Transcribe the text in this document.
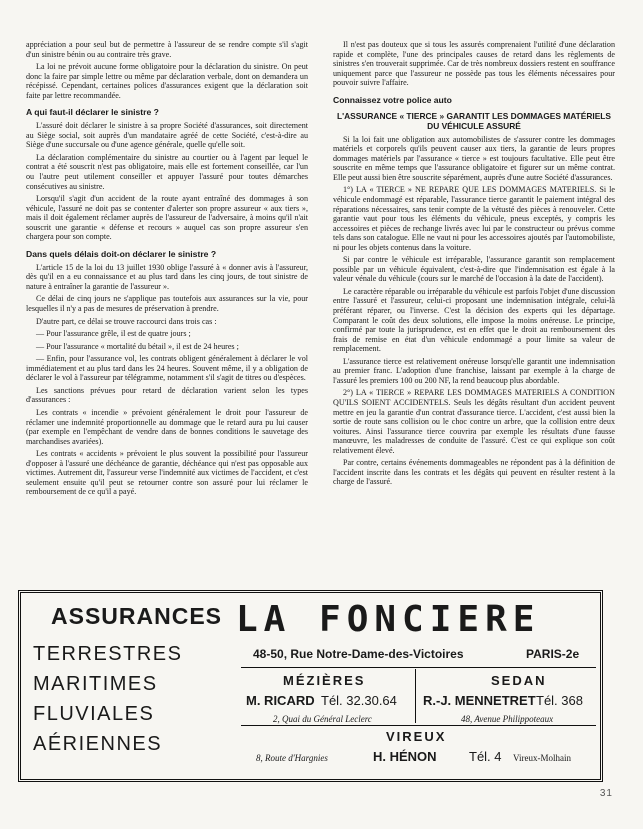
appréciation a pour seul but de permettre à l'assureur de se rendre compte s'il s'agit d'un sinistre bénin ou au contraire très grave.

La loi ne prévoit aucune forme obligatoire pour la déclaration du sinistre. On peut donc la faire par simple lettre ou même par déclaration verbale, dont on demandera un récépissé. Cependant, certaines polices d'assurances exigent que la déclaration soit faite par lettre recommandée.

A qui faut-il déclarer le sinistre ?

L'assuré doit déclarer le sinistre à sa propre Société d'assurances, soit directement au Siège social, soit auprès d'un mandataire agréé de cette Société, c'est-à-dire au Siège d'une succursale ou d'une agence générale, quelle qu'elle soit.

La déclaration complémentaire du sinistre au courtier ou à l'agent par lequel le contrat a été souscrit n'est pas obligatoire, mais elle est fortement conseillée, car l'un ou l'autre peut utilement conseiller et appuyer l'assuré pour toutes démarches consécutives au sinistre.

Lorsqu'il s'agit d'un accident de la route ayant entraîné des dommages à son véhicule, l'assuré ne doit pas se contenter d'alerter son propre assureur « aux tiers », mais il doit également réclamer auprès de l'assureur de l'adversaire, à moins qu'il n'ait souscrit une garantie « défense et recours » auquel cas son propre assureur s'en chargera pour son compte.

Dans quels délais doit-on déclarer le sinistre ?

L'article 15 de la loi du 13 juillet 1930 oblige l'assuré à « donner avis à l'assureur, dès qu'il en a eu connaissance et au plus tard dans les cinq jours, de tout sinistre de nature à entraîner la garantie de l'assureur ».

Ce délai de cinq jours ne s'applique pas toutefois aux assurances sur la vie, pour lesquelles il n'y a pas de mesures de préservation à prendre.

D'autre part, ce délai se trouve raccourci dans trois cas :

— Pour l'assurance grêle, il est de quatre jours ;

— Pour l'assurance « mortalité du bétail », il est de 24 heures ;

— Enfin, pour l'assurance vol, les contrats obligent généralement à déclarer le vol immédiatement et au plus tard dans les 24 heures. Souvent même, il y a obligation de déclarer le vol à l'assureur par télégramme, notamment s'il s'agit de titres ou d'espèces.

Les sanctions prévues pour retard de déclaration varient selon les types d'assurances :

Les contrats « incendie » prévoient généralement le droit pour l'assureur de réclamer une indemnité proportionnelle au dommage que le retard aura pu lui causer (par exemple en l'empêchant de vendre dans de bonnes conditions le sauvetage des marchandises avariées).

Les contrats « accidents » prévoient le plus souvent la possibilité pour l'assureur d'opposer à l'assuré une déchéance de garantie, déchéance qui n'est pas opposable aux victimes. Autrement dit, l'assureur verse l'indemnité aux victimes de l'accident, et c'est seulement ensuite qu'il peut se retourner contre son assuré pour lui réclamer le remboursement de ce qu'il a payé.

Il n'est pas douteux que si tous les assurés comprenaient l'utilité d'une déclaration rapide et complète, l'une des principales causes de retard dans les règlements de sinistres s'en trouverait supprimée. Car de très nombreux dossiers restent en souffrance uniquement parce que l'assureur ne possède pas tous les éléments nécessaires pour pouvoir suivre l'affaire.

Connaissez votre police auto
L'ASSURANCE « TIERCE » GARANTIT LES DOMMAGES MATÉRIELS DU VÉHICULE ASSURÉ

Si la loi fait une obligation aux automobilistes de s'assurer contre les dommages matériels et corporels qu'ils peuvent causer aux tiers, la garantie de leurs propres dommages matériels par l'assurance « tierce » est toujours facultative. Elle peut être souscrite en même temps que l'assurance obligatoire et figurer sur un même contrat. Elle peut aussi bien être souscrite séparément, auprès d'une autre Société d'assurances.

1°) LA « TIERCE » NE REPARE QUE LES DOMMAGES MATERIELS. Si le véhicule endommagé est réparable, l'assurance tierce garantit le paiement intégral des réparations nécessaires, sans tenir compte de la vétusté des pièces à renouveler. Cette garantie vaut pour tous les éléments du véhicule, pneus exceptés, y compris les accessoires et pièces de rechange livrés avec lui par le constructeur ou prévus comme tels dans son catalogue. Elle ne vaut ni pour les accessoires ajoutés par l'automobiliste, ni pour les objets contenus dans la voiture.

Si par contre le véhicule est irréparable, l'assurance garantit son remplacement possible par un véhicule équivalent, c'est-à-dire que l'indemnisation est égale à la valeur vénale du véhicule (cours sur le marché de l'occasion à la date de l'accident).

Le caractère réparable ou irréparable du véhicule est parfois l'objet d'une discussion entre l'assuré et l'assureur, celui-ci proposant une indemnisation intégrale, celui-là préférant réparer, ou l'inverse. C'est la décision des experts qui les départage. Comparant le coût des deux solutions, elle impose la moins onéreuse. Le principe, confirmé par toute la jurisprudence, est en effet que le droit au remboursement des frais de remise en état d'un véhicule endommagé a pour limite sa valeur de remplacement.

L'assurance tierce est relativement onéreuse lorsqu'elle garantit une indemnisation au premier franc. L'adoption d'une franchise, laissant par exemple à la charge de l'assuré les premiers 100 ou 200 NF, la rend beaucoup plus abordable.

2°) LA « TIERCE » REPARE LES DOMMAGES MATERIELS A CONDITION QU'ILS SOIENT ACCIDENTELS. Seuls les dégâts résultant d'un accident peuvent mettre en jeu la garantie d'un contrat d'assurance tierce. L'accident, c'est aussi bien la sortie de route sans collision ou le choc contre un arbre, que la collision entre deux voitures. Ainsi l'assurance tierce couvrira par exemple les résultats d'une fausse manœuvre, les maladresses de conduite de l'assuré. C'est ce qui explique son coût relativement élevé.

Par contre, certains événements dommageables ne répondent pas à la définition de l'accident inscrite dans les contrats et les dégâts qui peuvent en résulter restent à la charge de l'assuré.

ASSURANCES LA FONCIERE
TERRESTRES
MARITIMES
FLUVIALES
AÉRIENNES
48-50, Rue Notre-Dame-des-Victoires	PARIS-2e
MÉZIÈRES
M. RICARD Tél. 32.30.64
2, Quai du Général Leclerc
SEDAN
R.-J. MENNETRET Tél. 368
48, Avenue Philippoteaux
VIREUX
8, Route d'Hargnies	H. HÉNON Tél. 4 Vireux-Molhain
31
